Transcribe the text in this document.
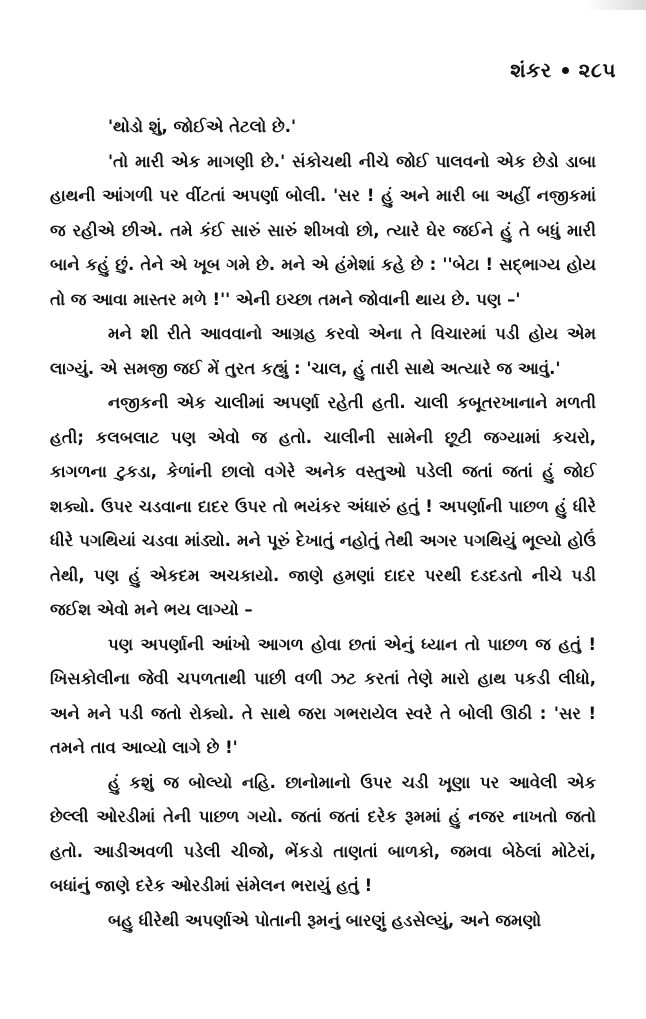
શંકર ૨૮૫

'થોડો શું, જોઈએ તેટલો છે.'

'તો મારી એક માગણી છે.' સંકોચથી નીચે જોઈ પાલવનો એક છેડો ડાબા હાથની આંગળી પર વીંટતાં અપર્ણા બોલી. 'સર ! હું અને મારી બા અહીં નજીકમાં જ રહીએ છીએ. તમે કંઈ સારું સારું શીખવો છો, ત્યારે ઘેર જઈને હું તે બધું મારી બાને કહું છું. તેને એ ખૂબ ગમે છે. મને એ હંમેશાં કહે છે : ''બેટા ! સદ્‌ભાગ્ય હોય તો જ આવા માસ્તર મળે !'' એની ઇચ્છા તમને જોવાની થાય છે. પણ –'

મને શી રીતે આવવાનો આગ્રહ કરવો એના તે વિચારમાં પડી હોય એમ લાગ્યું. એ સમજી જઈ મેં તુરત કહ્યું : 'ચાલ, હું તારી સાથે અત્યારે જ આવું.'

નજીકની એક ચાલીમાં અપર્ણા રહેતી હતી. ચાલી કબૂતરખાનાને મળતી હતી; કલબલાટ પણ એવો જ હતો. ચાલીની સામેની છૂટી જગ્યામાં કચરો, કાગળના ટુકડા, કેળાંની છાલો વગેરે અનેક વસ્તુઓ પડેલી જતાં જતાં હું જોઈ શક્યો. ઉપર ચડવાના દાદર ઉપર તો ભયંકર અંધારું હતું ! અપર્ણાની પાછળ હું ધીરે ધીરે પગથિયાં ચડવા માંડ્યો. મને પૂરું દેખાતું નહોતું તેથી અગર પગથિયું ભૂલ્યો હોઉં તેથી, પણ હું એકદમ અચકાયો. જાણે હમણાં દાદર પરથી દડદડતો નીચે પડી જઈશ એવો મને ભય લાગ્યો –

પણ અપર્ણાની આંખો આગળ હોવા છતાં એનું ધ્યાન તો પાછળ જ હતું ! ખિસકોલીના જેવી ચપળતાથી પાછી વળી ઝટ કરતાં તેણે મારો હાથ પકડી લીધો, અને મને પડી જતો રોક્યો. તે સાથે જરા ગભરાયેલ સ્વરે તે બોલી ઊઠી : 'સર ! તમને તાવ આવ્યો લાગે છે !'

હું કશું જ બોલ્યો નહિ. છાનોમાનો ઉપર ચડી ખૂણા પર આવેલી એક છેલ્લી ઓરડીમાં તેની પાછળ ગયો. જતાં જતાં દરેક રૂમમાં હું નજર નાખતો જતો હતો. આડીઅવળી પડેલી ચીજો, ભેંકડો તાણતાં બાળકો, જમવા બેઠેલાં મોટેરાં, બધાંનું જાણે દરેક ઓરડીમાં સંમેલન ભરાયું હતું !

બહુ ધીરેથી અપર્ણાએ પોતાની રૂમનું બારણું હડસેલ્યું, અને જમણો
